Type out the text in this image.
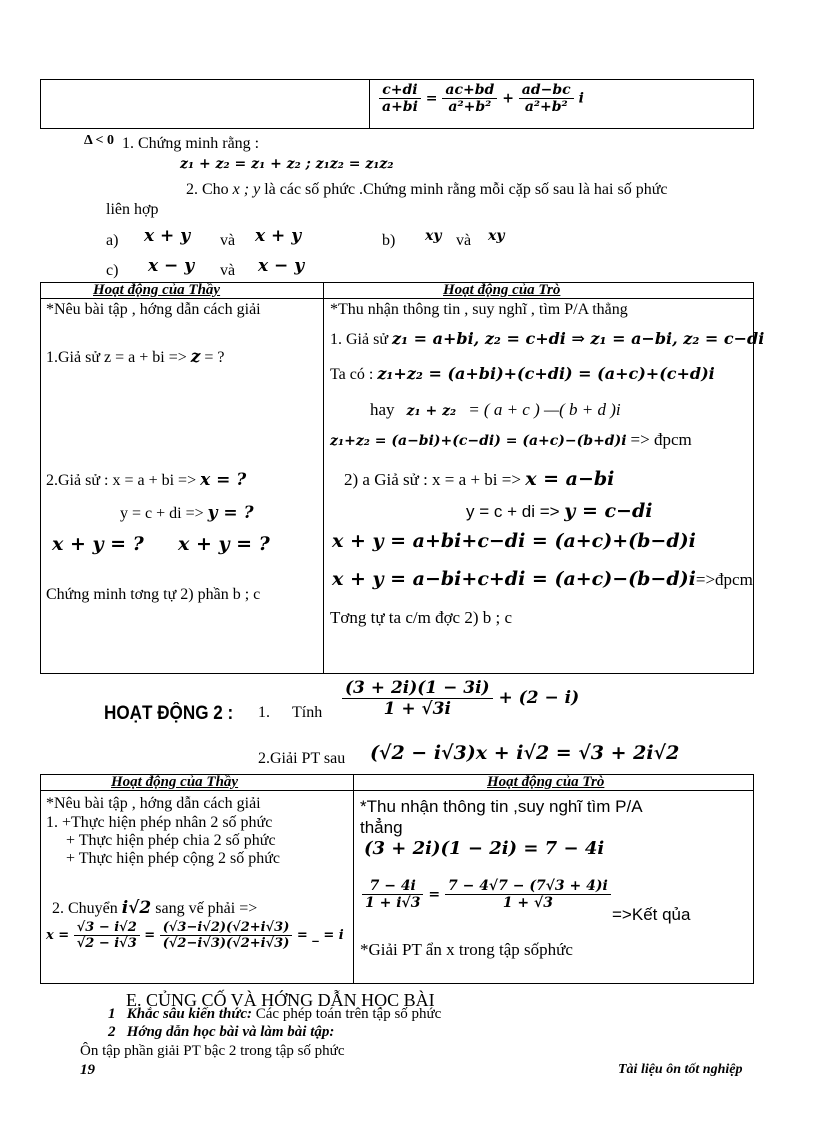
$\frac{c+di}{a+bi} = \frac{ac+bd}{\text{a²+b²}} + \frac{ad-bc}{\text{a²+b²}}$ i
Δ < 0 1. Chứng minh rằng :
z₁ + z₂ = z₁ + z₂ ; z₁z₂ = z₁z₂
2. Cho x ; y là các số phức .Chứng minh rằng mỗi cặp số sau là hai số phức
liên hợp
a) x + y và x + y	b) xy và xy
c) x − y và x − y
Hoạt động của Thầy	Hoạt động của Trò
*Nêu bài tập , hớng dẫn cách giải
1.Giả sử z = a + bi => z = ?
2.Giả sử : x = a + bi => x = ?
y = c + di => y = ?
x + y = ? x + y = ?
Chứng minh tơng tự 2) phần b ; c
*Thu nhận thông tin , suy nghĩ , tìm P/A thẳng
1. Giả sử z₁ = a+bi, z₂ = c+di ⇒ z₁ = a−bi, z₂ = c−di
Ta có : z₁+z₂ = (a+bi)+(c+di) = (a+c)+(c+d)i
hay z₁ + z₂ = ( a + c ) —( b + d )i
z₁+z₂ = (a−bi)+(c−di) = (a+c)−(b+d)i => đpcm
2) a Giả sử : x = a + bi => x = a−bi
y = c + di => y = c−di
x + y = a+bi+c−di = (a+c)+(b−d)i
x + y = a−bi+c+di = (a+c)−(b−d)i=>đpcm
Tơng tự ta c/m đợc 2) b ; c
HOẠT ĐỘNG 2 : 1. Tính $\frac{(3 + 2i)(1 - 3i)}{1 + √3i} + (2 - i)$
2.Giải PT sau (√2 − i√3)x + i√2 = √3 + 2i√2
Hoạt động của Thầy	Hoạt động của Trò
*Nêu bài tập , hớng dẫn cách giải
1. +Thực hiện phép nhân 2 số phức
+ Thực hiện phép chia 2 số phức
+ Thực hiện phép cộng 2 số phức
2. Chuyển i√2 sang vế phải =>
$x = \frac{√3 - i√2}{√2 - i√3} = \frac{(√3-i√2)(√2+i√3)}{(√2-i√3)(√2+i√3)}$ = _ = i
*Thu nhận thông tin ,suy nghĩ tìm P/A
thẳng
(3 + 2i)(1 − 2i) = 7 − 4i
$\frac{7 - 4i}{1 + i√3} = \frac{7 - 4√7 - (7√3 + 4)i}{1 + √3}$
=>Kết qủa
*Giải PT ẩn x trong tập sốphức
E. CỦNG CỐ VÀ HỚNG DẪN HỌC BÀI
1 Khắc sâu kiến thức: Các phép toán trên tập số phức
2 Hớng dẫn học bài và làm bài tập:
Ôn tập phần giải PT bậc 2 trong tập số phức
19	Tài liệu ôn tốt nghiệp
